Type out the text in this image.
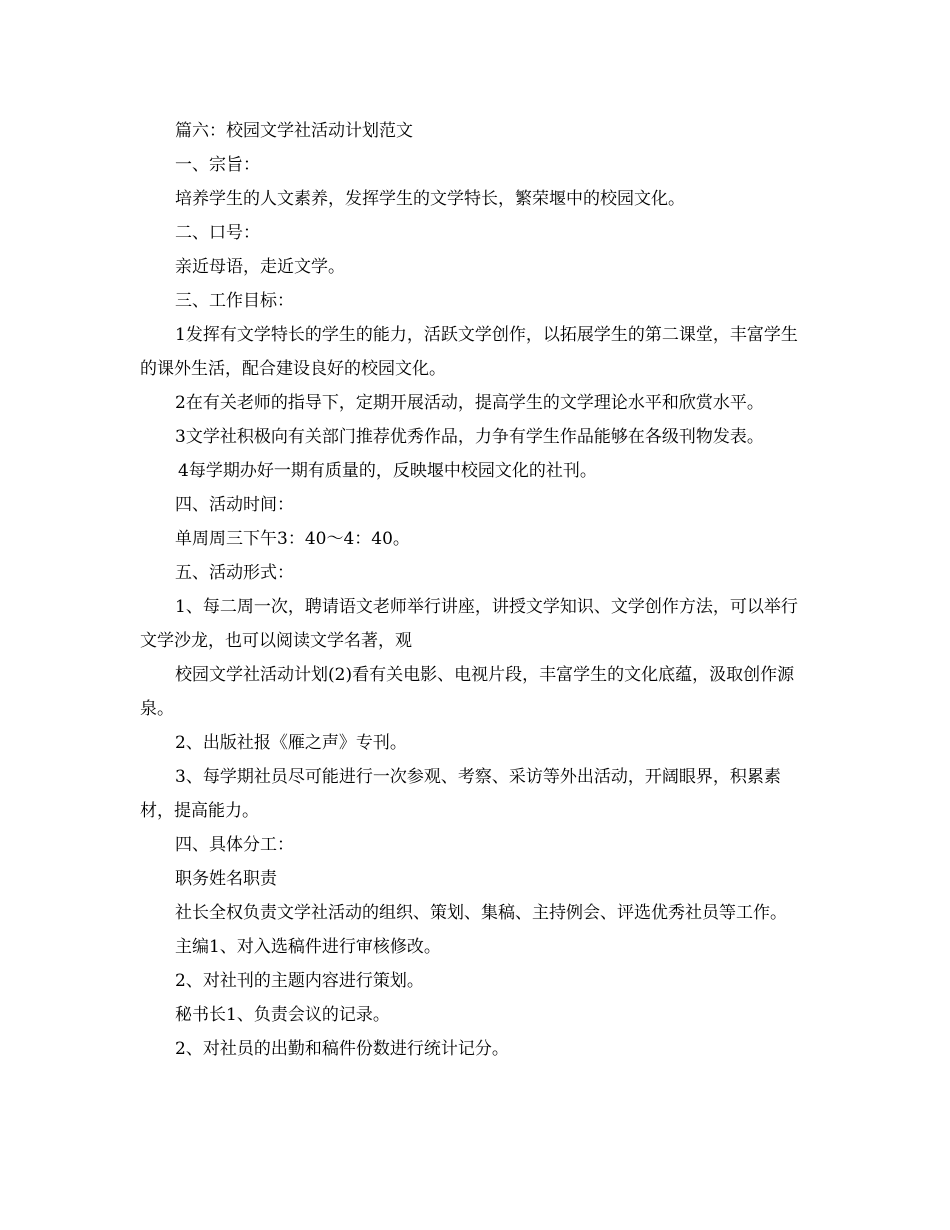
篇六：校园文学社活动计划范文

一、宗旨：

培养学生的人文素养，发挥学生的文学特长，繁荣堰中的校园文化。

二、口号：

亲近母语，走近文学。

三、工作目标：

1发挥有文学特长的学生的能力，活跃文学创作，以拓展学生的第二课堂，丰富学生的课外生活，配合建设良好的校园文化。

2在有关老师的指导下，定期开展活动，提高学生的文学理论水平和欣赏水平。

3文学社积极向有关部门推荐优秀作品，力争有学生作品能够在各级刊物发表。

4每学期办好一期有质量的，反映堰中校园文化的社刊。

四、活动时间：

单周周三下午3：40～4：40。

五、活动形式：

1、每二周一次，聘请语文老师举行讲座，讲授文学知识、文学创作方法，可以举行文学沙龙，也可以阅读文学名著，观

校园文学社活动计划(2)看有关电影、电视片段，丰富学生的文化底蕴，汲取创作源泉。

2、出版社报《雁之声》专刊。

3、每学期社员尽可能进行一次参观、考察、采访等外出活动，开阔眼界，积累素材，提高能力。

四、具体分工：

职务姓名职责

社长全权负责文学社活动的组织、策划、集稿、主持例会、评选优秀社员等工作。

主编1、对入选稿件进行审核修改。

2、对社刊的主题内容进行策划。

秘书长1、负责会议的记录。

2、对社员的出勤和稿件份数进行统计记分。
